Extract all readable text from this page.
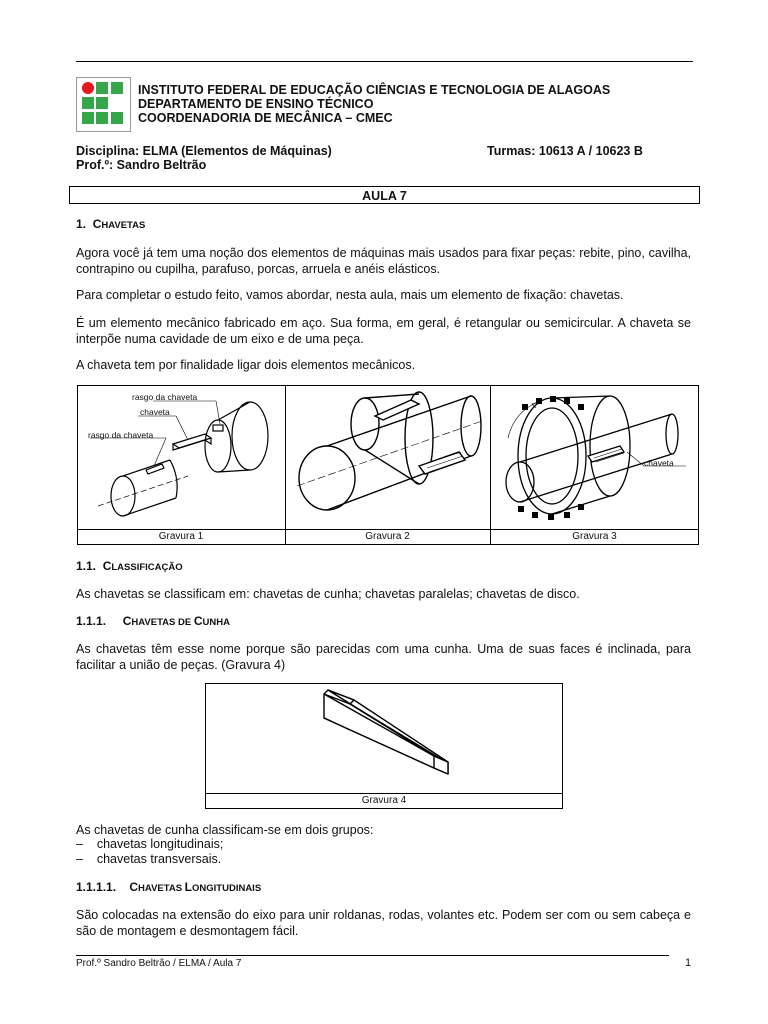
INSTITUTO FEDERAL DE EDUCAÇÃO CIÊNCIAS E TECNOLOGIA DE ALAGOAS
DEPARTAMENTO DE ENSINO TÉCNICO
COORDENADORIA DE MECÂNICA – CMEC
Disciplina: ELMA (Elementos de Máquinas)
Prof.º: Sandro Beltrão
Turmas: 10613 A / 10623 B
AULA 7
1. CHAVETAS
Agora você já tem uma noção dos elementos de máquinas mais usados para fixar peças: rebite, pino, cavilha, contrapino ou cupilha, parafuso, porcas, arruela e anéis elásticos.
Para completar o estudo feito, vamos abordar, nesta aula, mais um elemento de fixação: chavetas.
É um elemento mecânico fabricado em aço. Sua forma, em geral, é retangular ou semicircular. A chaveta se interpõe numa cavidade de um eixo e de uma peça.
A chaveta tem por finalidade ligar dois elementos mecânicos.
rasgo da chaveta
chaveta
rasgo da chaveta
chaveta
Gravura 1	Gravura 2	Gravura 3
1.1. CLASSIFICAÇÃO
As chavetas se classificam em: chavetas de cunha; chavetas paralelas; chavetas de disco.
1.1.1. CHAVETAS DE CUNHA
As chavetas têm esse nome porque são parecidas com uma cunha. Uma de suas faces é inclinada, para facilitar a união de peças. (Gravura 4)
Gravura 4
As chavetas de cunha classificam-se em dois grupos:
–    chavetas longitudinais;
–    chavetas transversais.
1.1.1.1. CHAVETAS LONGITUDINAIS
São colocadas na extensão do eixo para unir roldanas, rodas, volantes etc. Podem ser com ou sem cabeça e são de montagem e desmontagem fácil.
Prof.º Sandro Beltrão / ELMA / Aula 7	1
